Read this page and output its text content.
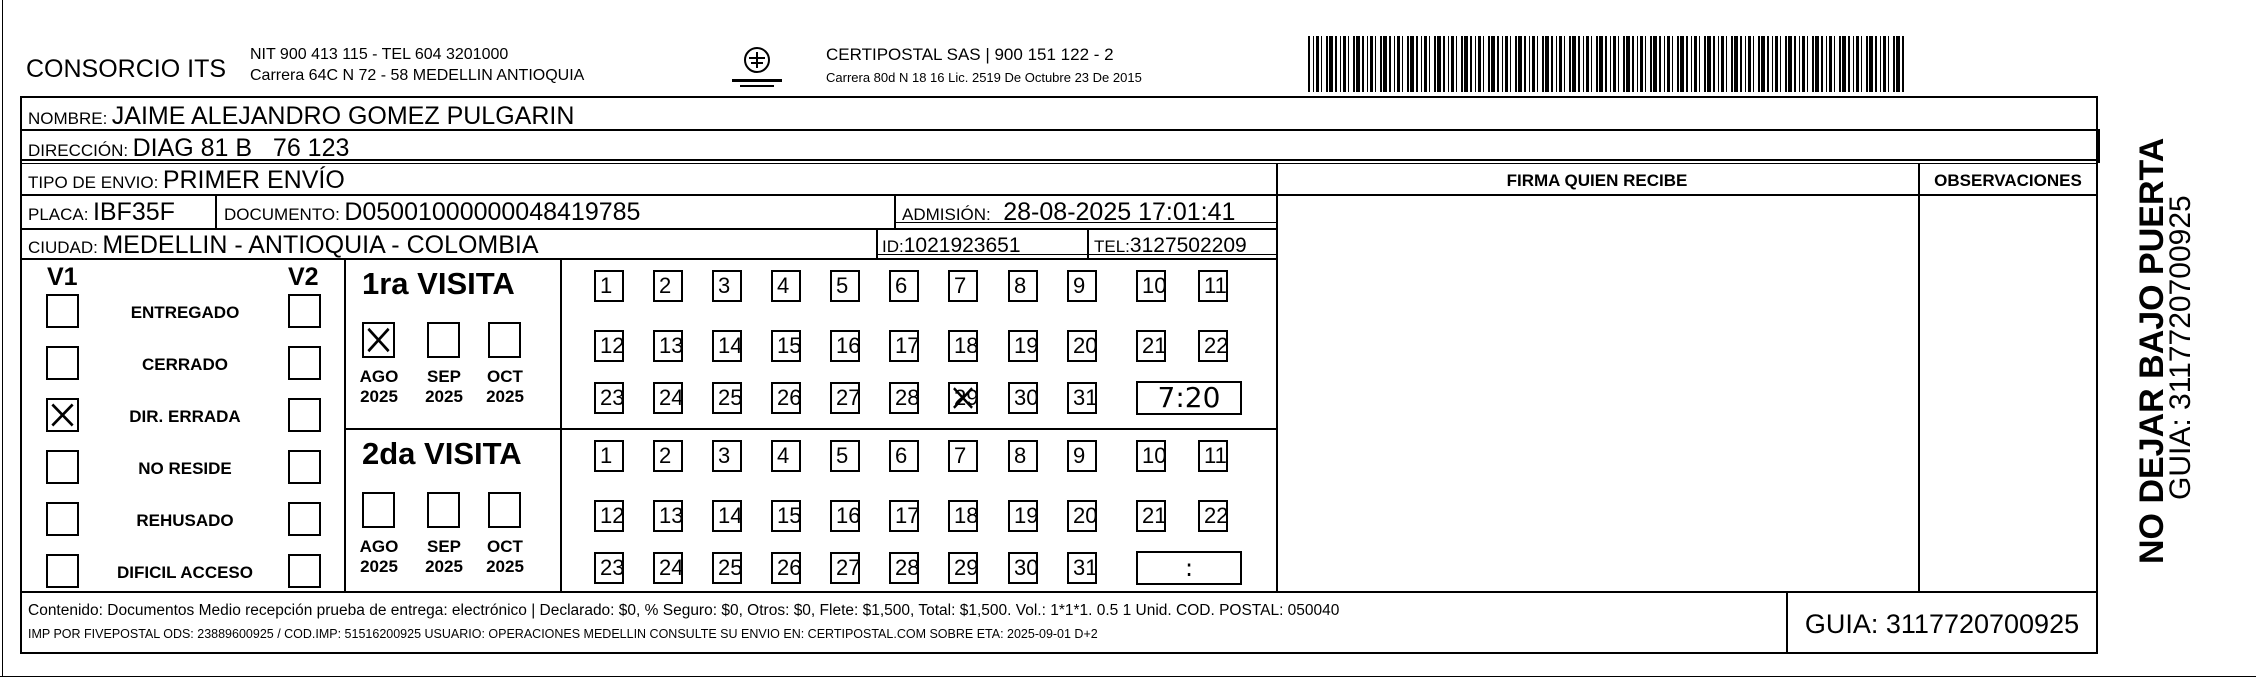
CONSORCIO ITS
NIT 900 413 115 - TEL 604 3201000
Carrera 64C N 72 - 58 MEDELLIN ANTIOQUIA
CERTIPOSTAL SAS | 900 151 122 - 2
Carrera 80d N 18 16 Lic. 2519 De Octubre 23 De 2015
NOMBRE: JAIME ALEJANDRO GOMEZ PULGARIN
DIRECCIÓN: DIAG 81 B   76 123
TIPO DE ENVIO: PRIMER ENVÍO
PLACA: IBF35F	DOCUMENTO: D05001000000048419785	ADMISIÓN: 28-08-2025 17:01:41
CIUDAD: MEDELLIN - ANTIOQUIA - COLOMBIA	ID:1021923651	TEL:3127502209
FIRMA QUIEN RECIBE	OBSERVACIONES
V1	V2
ENTREGADO
CERRADO
DIR. ERRADA
NO RESIDE
REHUSADO
DIFICIL ACCESO
1ra VISITA
AGO
2025
SEP
2025
OCT
2025
1	2	3	4	5	6	7	8	9	10 11
12 13 14 15 16 17 18 19 20 21 22
23 24 25 26 27 28 29 30 31	7:20
2da VISITA
AGO
2025
SEP
2025
OCT
2025
1	2	3	4	5	6	7	8	9	10 11
12 13 14 15 16 17 18 19 20 21 22
23 24 25 26 27 28 29 30 31	:
Contenido: Documentos Medio recepción prueba de entrega: electrónico | Declarado: $0, % Seguro: $0, Otros: $0, Flete: $1,500, Total: $1,500. Vol.: 1*1*1. 0.5 1 Unid. COD. POSTAL: 050040
IMP POR FIVEPOSTAL ODS: 23889600925 / COD.IMP: 51516200925 USUARIO: OPERACIONES MEDELLIN CONSULTE SU ENVIO EN: CERTIPOSTAL.COM SOBRE ETA: 2025-09-01 D+2	GUIA: 3117720700925
NO DEJAR BAJO PUERTA
GUIA: 3117720700925
